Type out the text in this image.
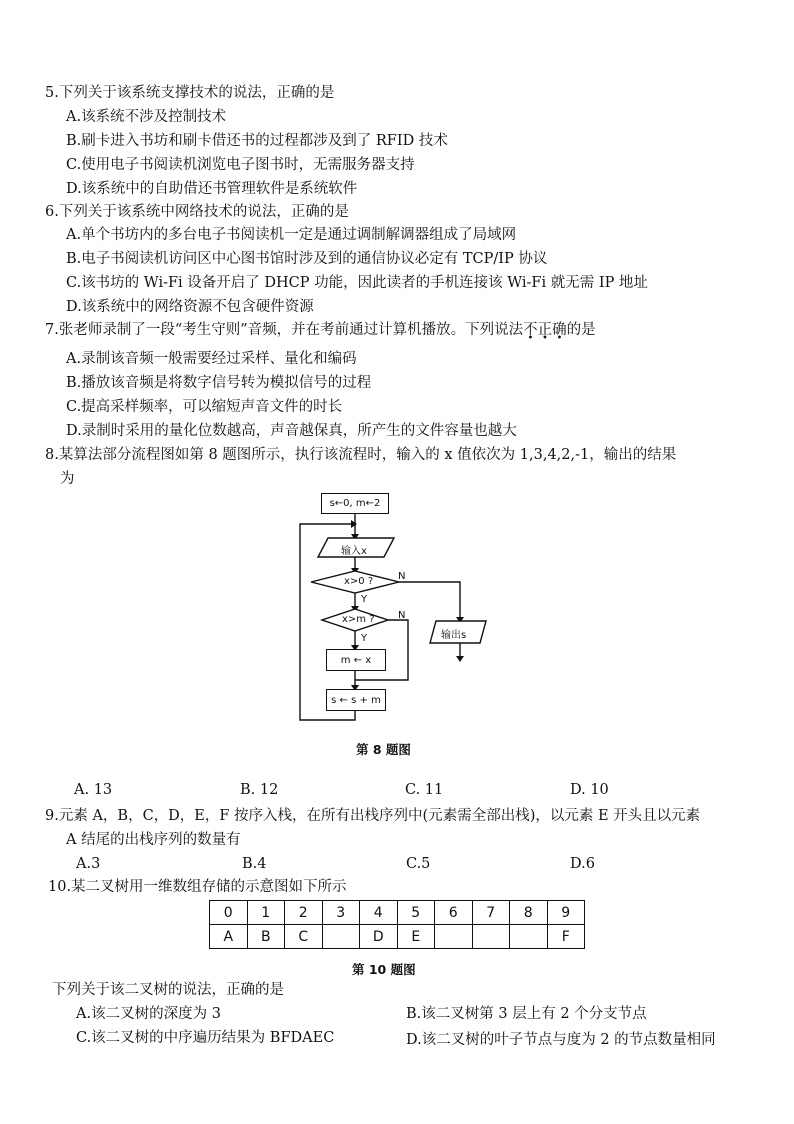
5.下列关于该系统支撑技术的说法，正确的是
A.该系统不涉及控制技术
B.刷卡进入书坊和刷卡借还书的过程都涉及到了 RFID 技术
C.使用电子书阅读机浏览电子图书时，无需服务器支持
D.该系统中的自助借还书管理软件是系统软件
6.下列关于该系统中网络技术的说法，正确的是
A.单个书坊内的多台电子书阅读机一定是通过调制解调器组成了局域网
B.电子书阅读机访问区中心图书馆时涉及到的通信协议必定有 TCP/IP 协议
C.该书坊的 Wi-Fi 设备开启了 DHCP 功能，因此读者的手机连接该 Wi-Fi 就无需 IP 地址
D.该系统中的网络资源不包含硬件资源
7.张老师录制了一段“考生守则”音频，并在考前通过计算机播放。下列说法不正确的是
A.录制该音频一般需要经过采样、量化和编码
B.播放该音频是将数字信号转为模拟信号的过程
C.提高采样频率，可以缩短声音文件的时长
D.录制时采用的量化位数越高，声音越保真，所产生的文件容量也越大
8.某算法部分流程图如第 8 题图所示，执行该流程时，输入的 x 值依次为 1,3,4,2,-1，输出的结果
为
s←0, m←2
输入x
x>0 ?
x>m ?
m ← x
s ← s + m
输出s
N
Y
N
Y
第 8 题图
A. 13	B. 12	C. 11	D. 10
9.元素 A，B，C，D，E，F 按序入栈，在所有出栈序列中(元素需全部出栈)，以元素 E 开头且以元素
A 结尾的出栈序列的数量有
A.3	B.4	C.5	D.6
10.某二叉树用一维数组存储的示意图如下所示
0	1	2	3	4	5	6	7	8	9
A	B	C		D	E				F
第 10 题图
下列关于该二叉树的说法，正确的是
A.该二叉树的深度为 3	B.该二叉树第 3 层上有 2 个分支节点
C.该二叉树的中序遍历结果为 BFDAEC	D.该二叉树的叶子节点与度为 2 的节点数量相同
